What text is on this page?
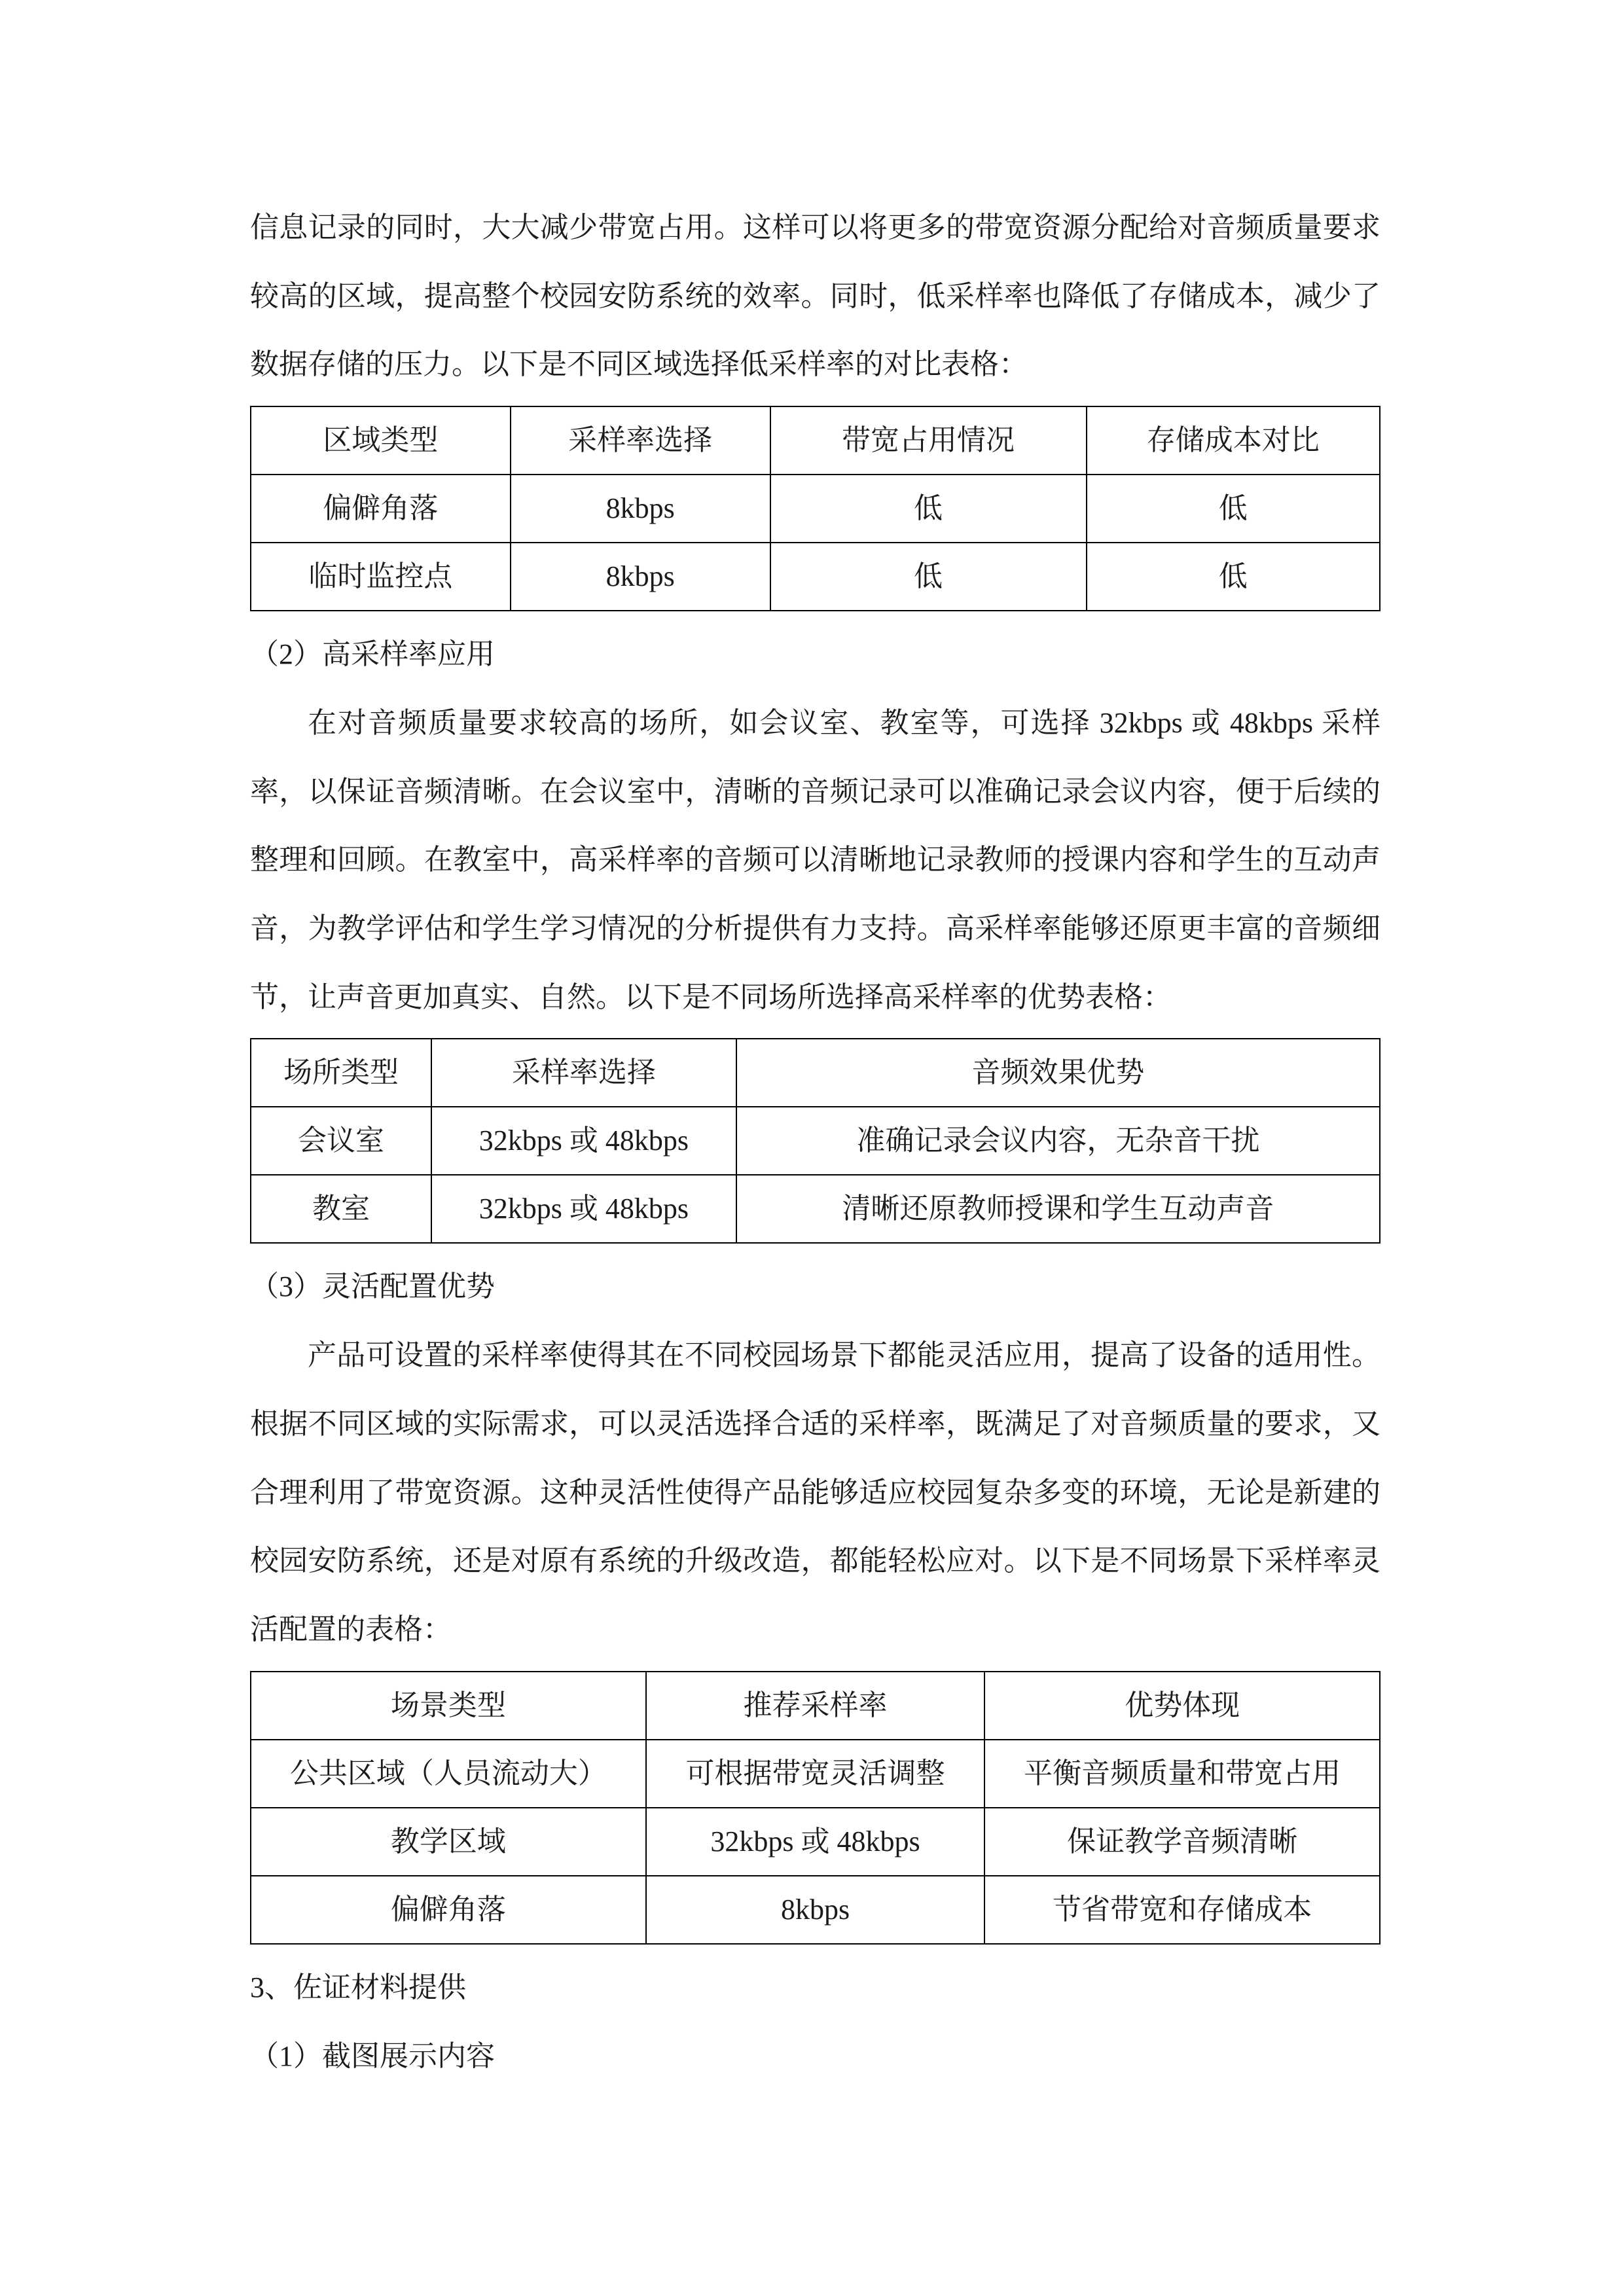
信息记录的同时，大大减少带宽占用。这样可以将更多的带宽资源分配给对音频质量要求较高的区域，提高整个校园安防系统的效率。同时，低采样率也降低了存储成本，减少了数据存储的压力。以下是不同区域选择低采样率的对比表格：

区域类型	采样率选择	带宽占用情况	存储成本对比
偏僻角落	8kbps	低	低
临时监控点	8kbps	低	低

（2）高采样率应用

在对音频质量要求较高的场所，如会议室、教室等，可选择 32kbps 或 48kbps 采样率，以保证音频清晰。在会议室中，清晰的音频记录可以准确记录会议内容，便于后续的整理和回顾。在教室中，高采样率的音频可以清晰地记录教师的授课内容和学生的互动声音，为教学评估和学生学习情况的分析提供有力支持。高采样率能够还原更丰富的音频细节，让声音更加真实、自然。以下是不同场所选择高采样率的优势表格：

场所类型	采样率选择	音频效果优势
会议室	32kbps 或 48kbps	准确记录会议内容，无杂音干扰
教室	32kbps 或 48kbps	清晰还原教师授课和学生互动声音

（3）灵活配置优势

产品可设置的采样率使得其在不同校园场景下都能灵活应用，提高了设备的适用性。根据不同区域的实际需求，可以灵活选择合适的采样率，既满足了对音频质量的要求，又合理利用了带宽资源。这种灵活性使得产品能够适应校园复杂多变的环境，无论是新建的校园安防系统，还是对原有系统的升级改造，都能轻松应对。以下是不同场景下采样率灵活配置的表格：

场景类型	推荐采样率	优势体现
公共区域（人员流动大）	可根据带宽灵活调整	平衡音频质量和带宽占用
教学区域	32kbps 或 48kbps	保证教学音频清晰
偏僻角落	8kbps	节省带宽和存储成本

3、佐证材料提供

（1）截图展示内容
